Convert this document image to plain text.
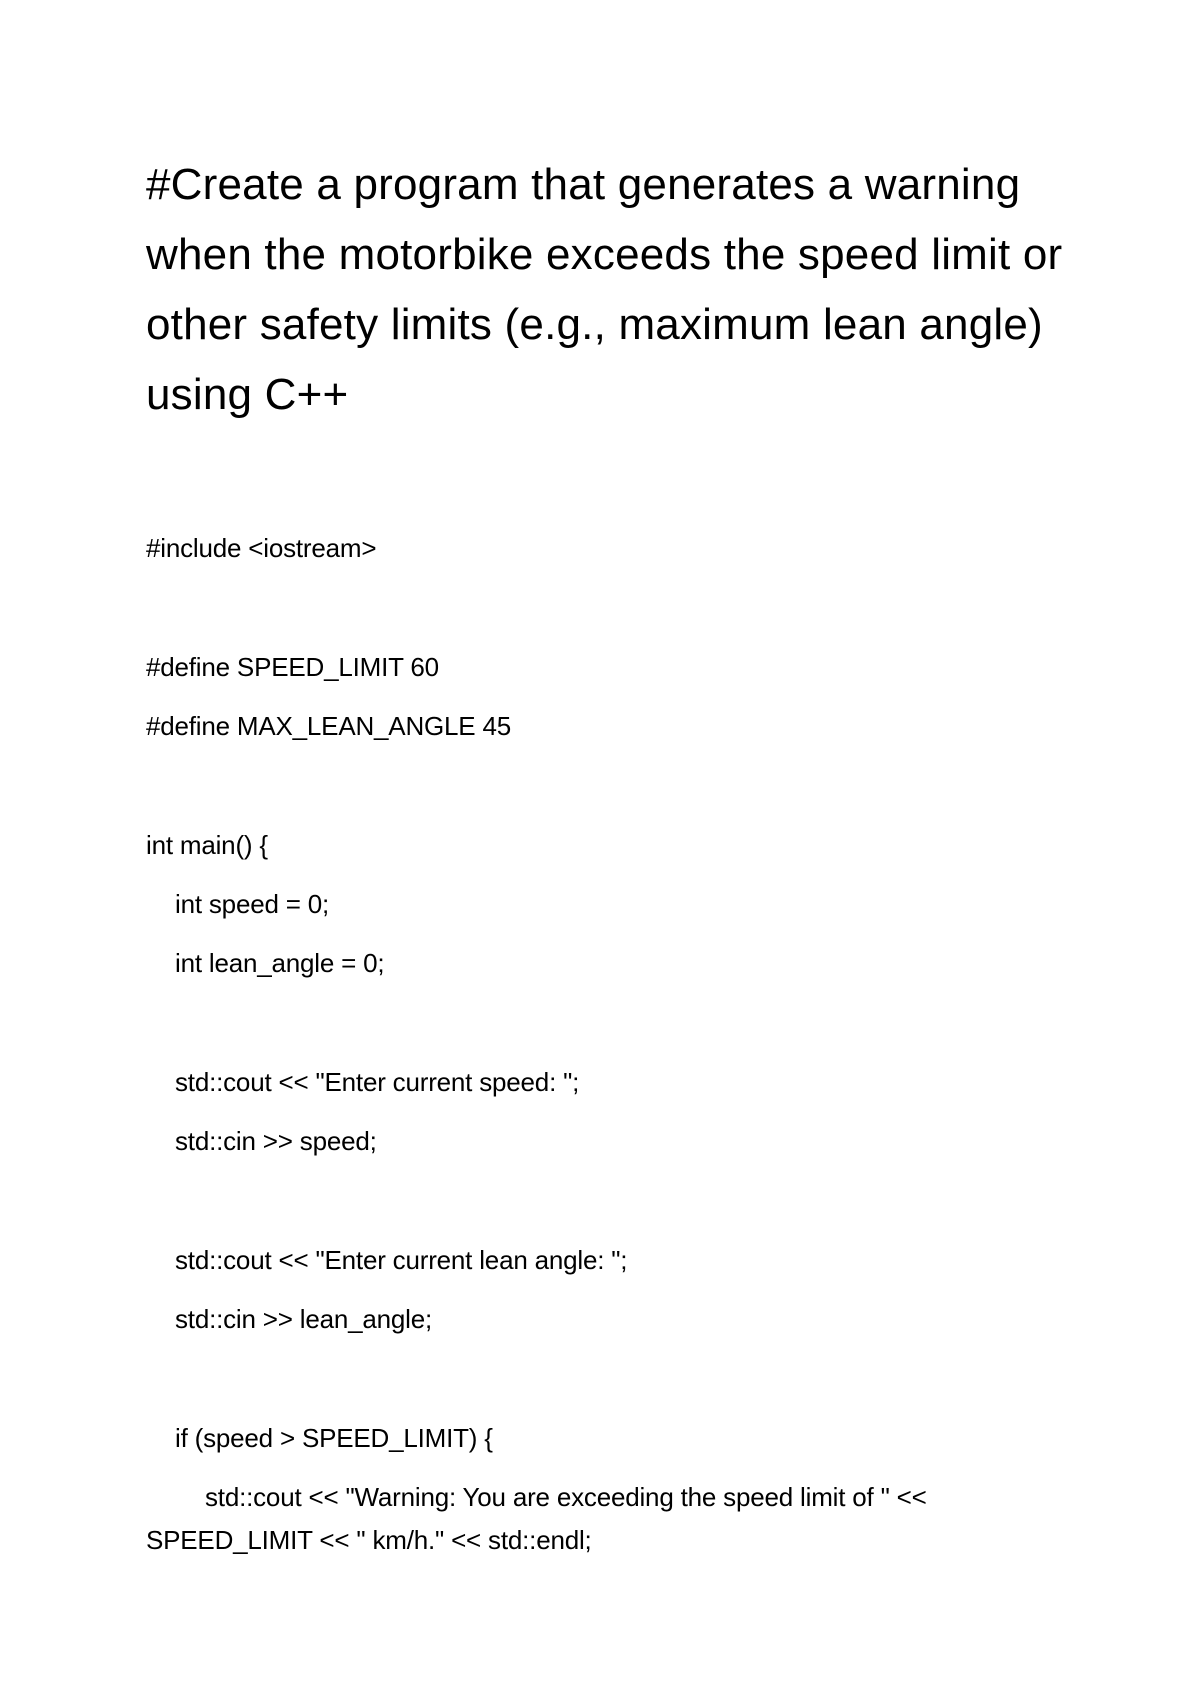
#Create a program that generates a warning when the motorbike exceeds the speed limit or other safety limits (e.g., maximum lean angle) using C++

#include <iostream>

#define SPEED_LIMIT 60

#define MAX_LEAN_ANGLE 45

int main() {

int speed = 0;

int lean_angle = 0;

std::cout << "Enter current speed: ";

std::cin >> speed;

std::cout << "Enter current lean angle: ";

std::cin >> lean_angle;

if (speed > SPEED_LIMIT) {

std::cout << "Warning: You are exceeding the speed limit of " <<

SPEED_LIMIT << " km/h." << std::endl;
